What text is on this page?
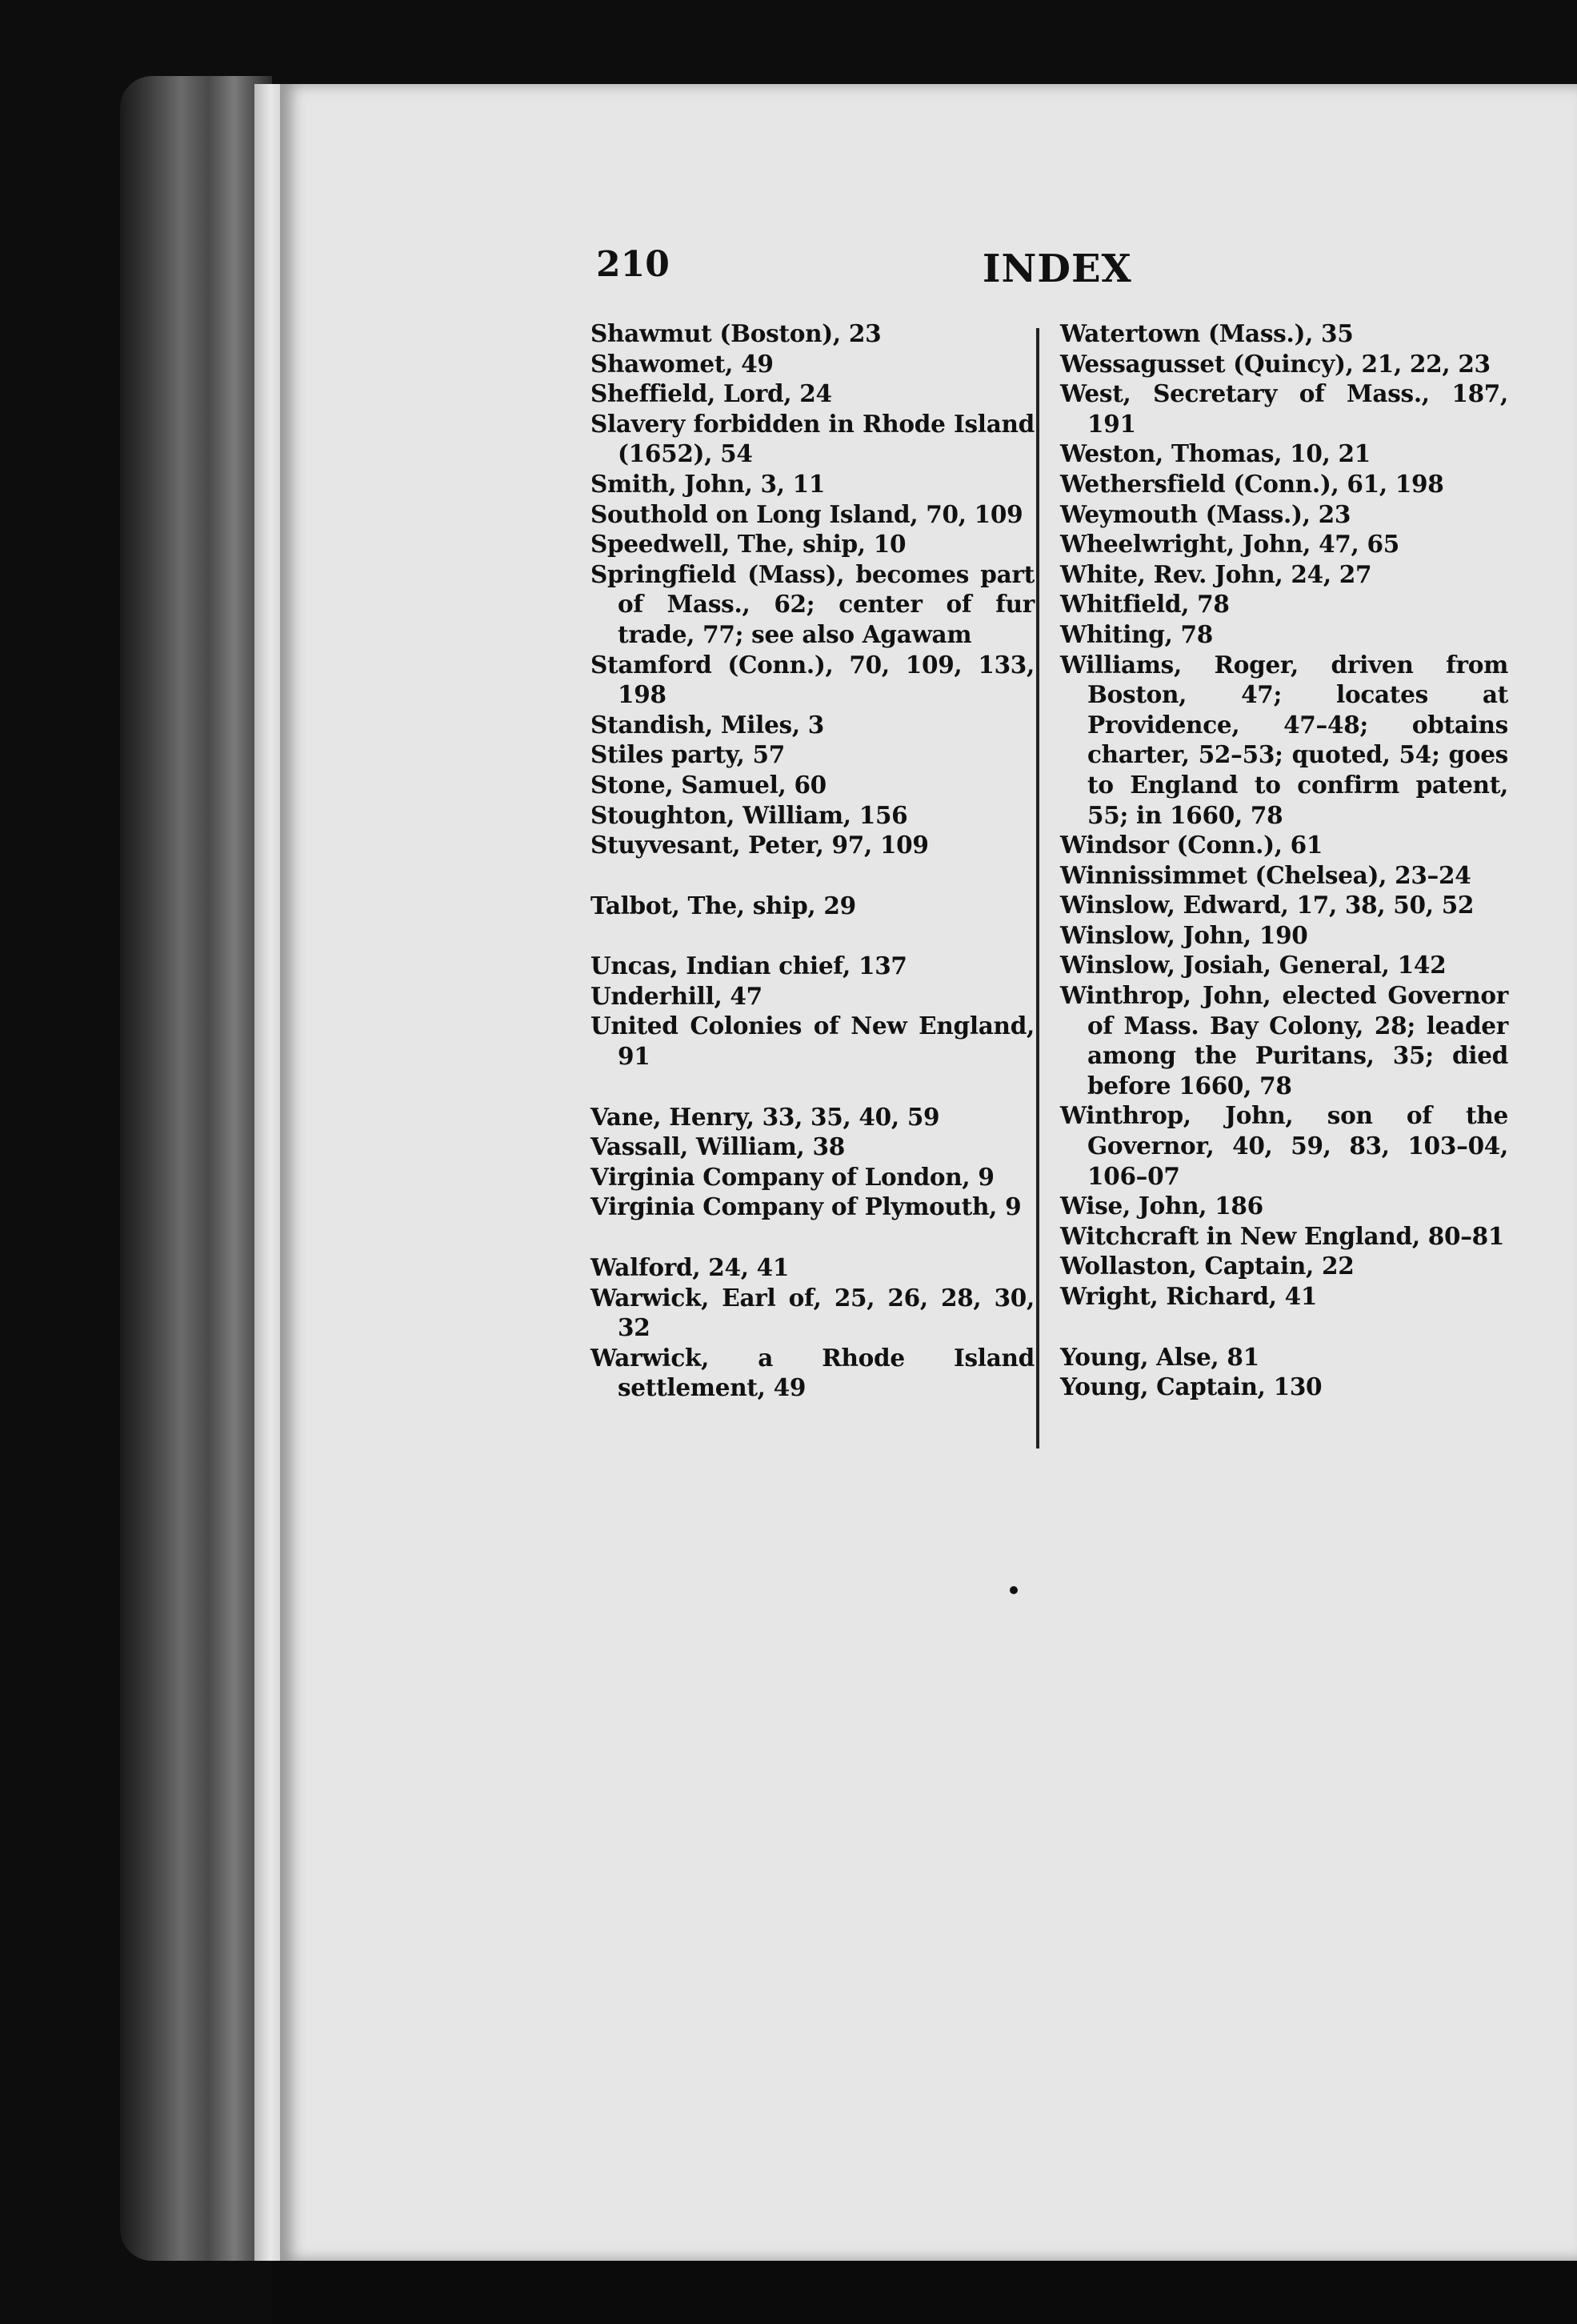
210	INDEX
Shawmut (Boston), 23
Shawomet, 49
Sheffield, Lord, 24
Slavery forbidden in Rhode Island (1652), 54
Smith, John, 3, 11
Southold on Long Island, 70, 109
Speedwell, The, ship, 10
Springfield (Mass), becomes part of Mass., 62; center of fur trade, 77; see also Agawam
Stamford (Conn.), 70, 109, 133, 198
Standish, Miles, 3
Stiles party, 57
Stone, Samuel, 60
Stoughton, William, 156
Stuyvesant, Peter, 97, 109
Talbot, The, ship, 29
Uncas, Indian chief, 137
Underhill, 47
United Colonies of New England, 91
Vane, Henry, 33, 35, 40, 59
Vassall, William, 38
Virginia Company of London, 9
Virginia Company of Plymouth, 9
Walford, 24, 41
Warwick, Earl of, 25, 26, 28, 30, 32
Warwick, a Rhode Island settlement, 49
Watertown (Mass.), 35
Wessagusset (Quincy), 21, 22, 23
West, Secretary of Mass., 187, 191
Weston, Thomas, 10, 21
Wethersfield (Conn.), 61, 198
Weymouth (Mass.), 23
Wheelwright, John, 47, 65
White, Rev. John, 24, 27
Whitfield, 78
Whiting, 78
Williams, Roger, driven from Boston, 47; locates at Providence, 47–48; obtains charter, 52–53; quoted, 54; goes to England to confirm patent, 55; in 1660, 78
Windsor (Conn.), 61
Winnissimmet (Chelsea), 23–24
Winslow, Edward, 17, 38, 50, 52
Winslow, John, 190
Winslow, Josiah, General, 142
Winthrop, John, elected Governor of Mass. Bay Colony, 28; leader among the Puritans, 35; died before 1660, 78
Winthrop, John, son of the Governor, 40, 59, 83, 103–04, 106–07
Wise, John, 186
Witchcraft in New England, 80–81
Wollaston, Captain, 22
Wright, Richard, 41
Young, Alse, 81
Young, Captain, 130
